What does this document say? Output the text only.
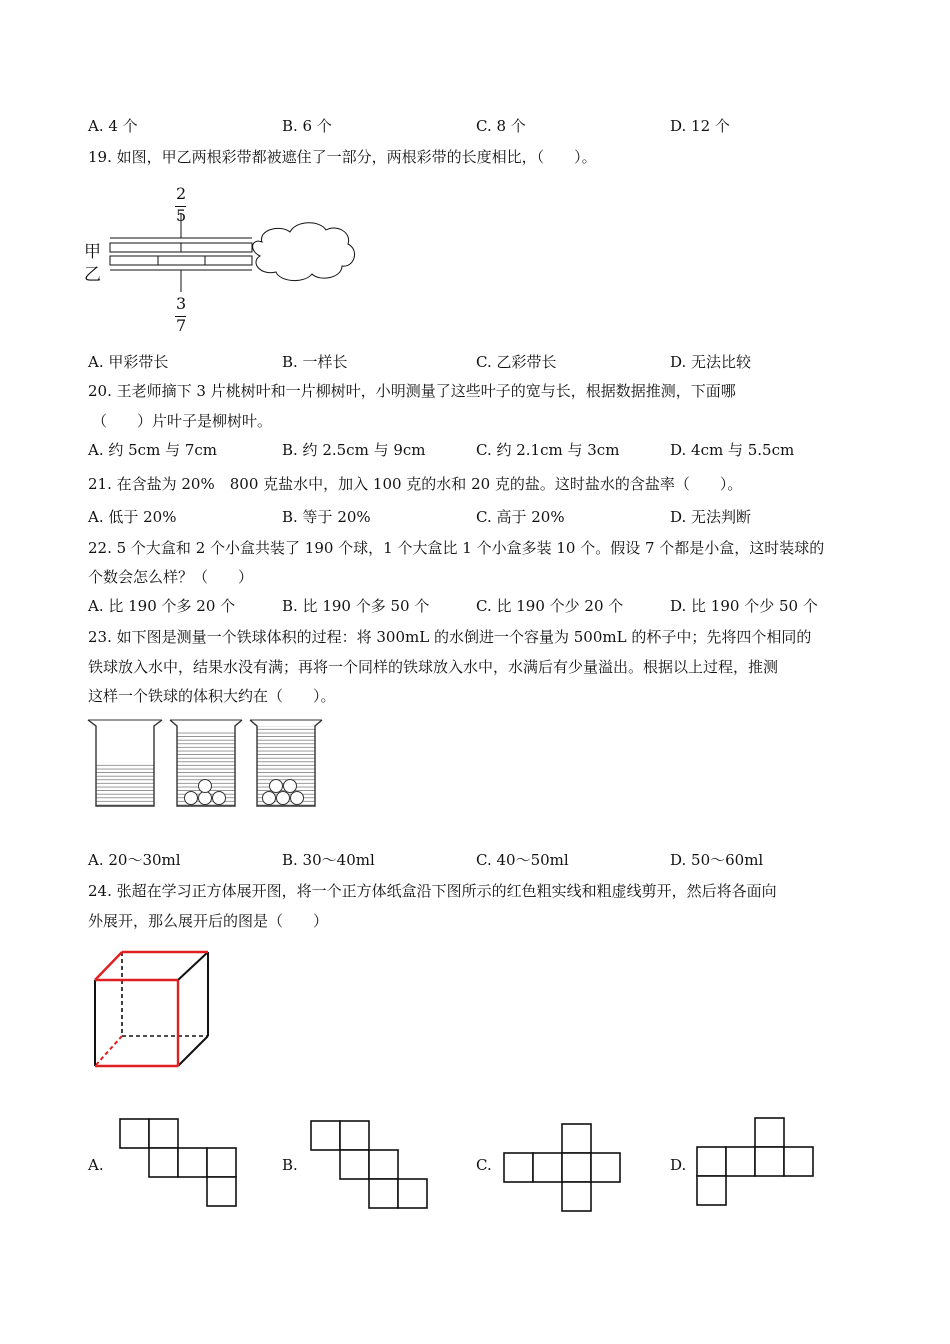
A. 4 个	B. 6 个	C. 8 个	D. 12 个
19. 如图，甲乙两根彩带都被遮住了一部分，两根彩带的长度相比，（　　）。
2
5
甲
乙
3
7
A. 甲彩带长	B. 一样长	C. 乙彩带长	D. 无法比较
20. 王老师摘下 3 片桃树叶和一片柳树叶，小明测量了这些叶子的宽与长，根据数据推测，下面哪
（　　）片叶子是柳树叶。
A. 约 5cm 与 7cm	B. 约 2.5cm 与 9cm	C. 约 2.1cm 与 3cm	D. 4cm 与 5.5cm
21. 在含盐为 20%　800 克盐水中，加入 100 克的水和 20 克的盐。这时盐水的含盐率（　　）。
A. 低于 20%	B. 等于 20%	C. 高于 20%	D. 无法判断
22. 5 个大盒和 2 个小盒共装了 190 个球，1 个大盒比 1 个小盒多装 10 个。假设 7 个都是小盒，这时装球的
个数会怎么样？（　　）
A. 比 190 个多 20 个	B. 比 190 个多 50 个	C. 比 190 个少 20 个	D. 比 190 个少 50 个
23. 如下图是测量一个铁球体积的过程：将 300mL 的水倒进一个容量为 500mL 的杯子中；先将四个相同的
铁球放入水中，结果水没有满；再将一个同样的铁球放入水中，水满后有少量溢出。根据以上过程，推测
这样一个铁球的体积大约在（　　）。
A. 20～30ml	B. 30～40ml	C. 40～50ml	D. 50～60ml
24. 张超在学习正方体展开图，将一个正方体纸盒沿下图所示的红色粗实线和粗虚线剪开，然后将各面向
外展开，那么展开后的图是（　　）
A.	B.	C.	D.
